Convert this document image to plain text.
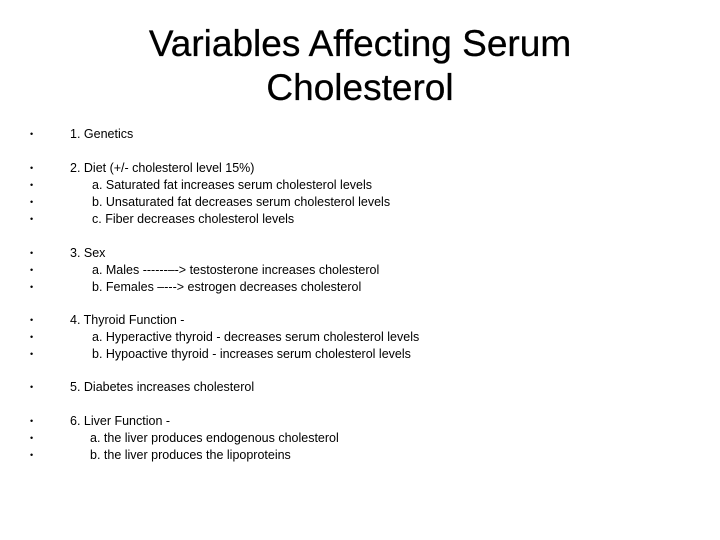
Variables Affecting Serum
Cholesterol
•	1. Genetics
•	2. Diet (+/- cholesterol level 15%)
•	a. Saturated fat increases serum cholesterol levels
•	b. Unsaturated fat decreases serum cholesterol levels
•	c. Fiber decreases cholesterol levels
•	3. Sex
•	a. Males ------–-> testosterone increases cholesterol
•	b. Females –---> estrogen decreases cholesterol
•	4. Thyroid Function -
•	a. Hyperactive thyroid - decreases serum cholesterol levels
•	b. Hypoactive thyroid - increases serum cholesterol levels
•	5. Diabetes increases cholesterol
•	6. Liver Function -
•	a. the liver produces endogenous cholesterol
•	b. the liver produces the lipoproteins
